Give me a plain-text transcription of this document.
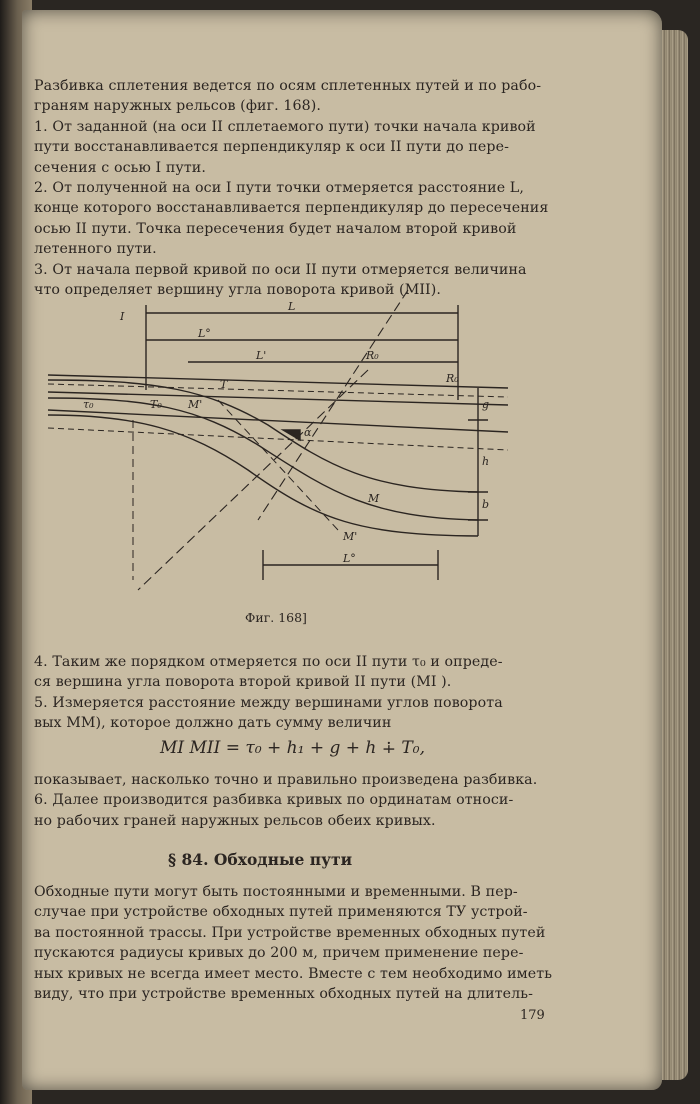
Разбивка сплетения ведется по осям сплетенных путей и по рабо-
граням наружных рельсов (фиг. 168).
1. От заданной (на оси II сплетаемого пути) точки начала кривой
пути восстанавливается перпендикуляр к оси II пути до пере-
сечения с осью I пути.
2. От полученной на оси I пути точки отмеряется расстояние L,
конце которого восстанавливается перпендикуляр до пересечения
осью II пути. Точка пересечения будет началом второй кривой
летенного пути.
3. От начала первой кривой по оси II пути отмеряется величина
что определяет вершину угла поворота кривой (MII).
L
L°
L'	R₀
R₀
T₀ M'
α
T
I
M
M'
L°
h
b
g
τ₀
Фиг. 168]
4. Таким же порядком отмеряется по оси II пути τ₀ и опреде-
ся вершина угла поворота второй кривой II пути (MI ).
5. Измеряется расстояние между вершинами углов поворота
вых MM), которое должно дать сумму величин
MI MII = τ₀ + h₁ + g + h ∔ T₀,
показывает, насколько точно и правильно произведена разбивка.
6. Далее производится разбивка кривых по ординатам относи-
но рабочих граней наружных рельсов обеих кривых.
§ 84. Обходные пути
Обходные пути могут быть постоянными и временными. В пер-
случае при устройстве обходных путей применяются ТУ устрой-
ва постоянной трассы. При устройстве временных обходных путей
пускаются радиусы кривых до 200 м, причем применение пере-
ных кривых не всегда имеет место. Вместе с тем необходимо иметь
виду, что при устройстве временных обходных путей на длитель-
179
